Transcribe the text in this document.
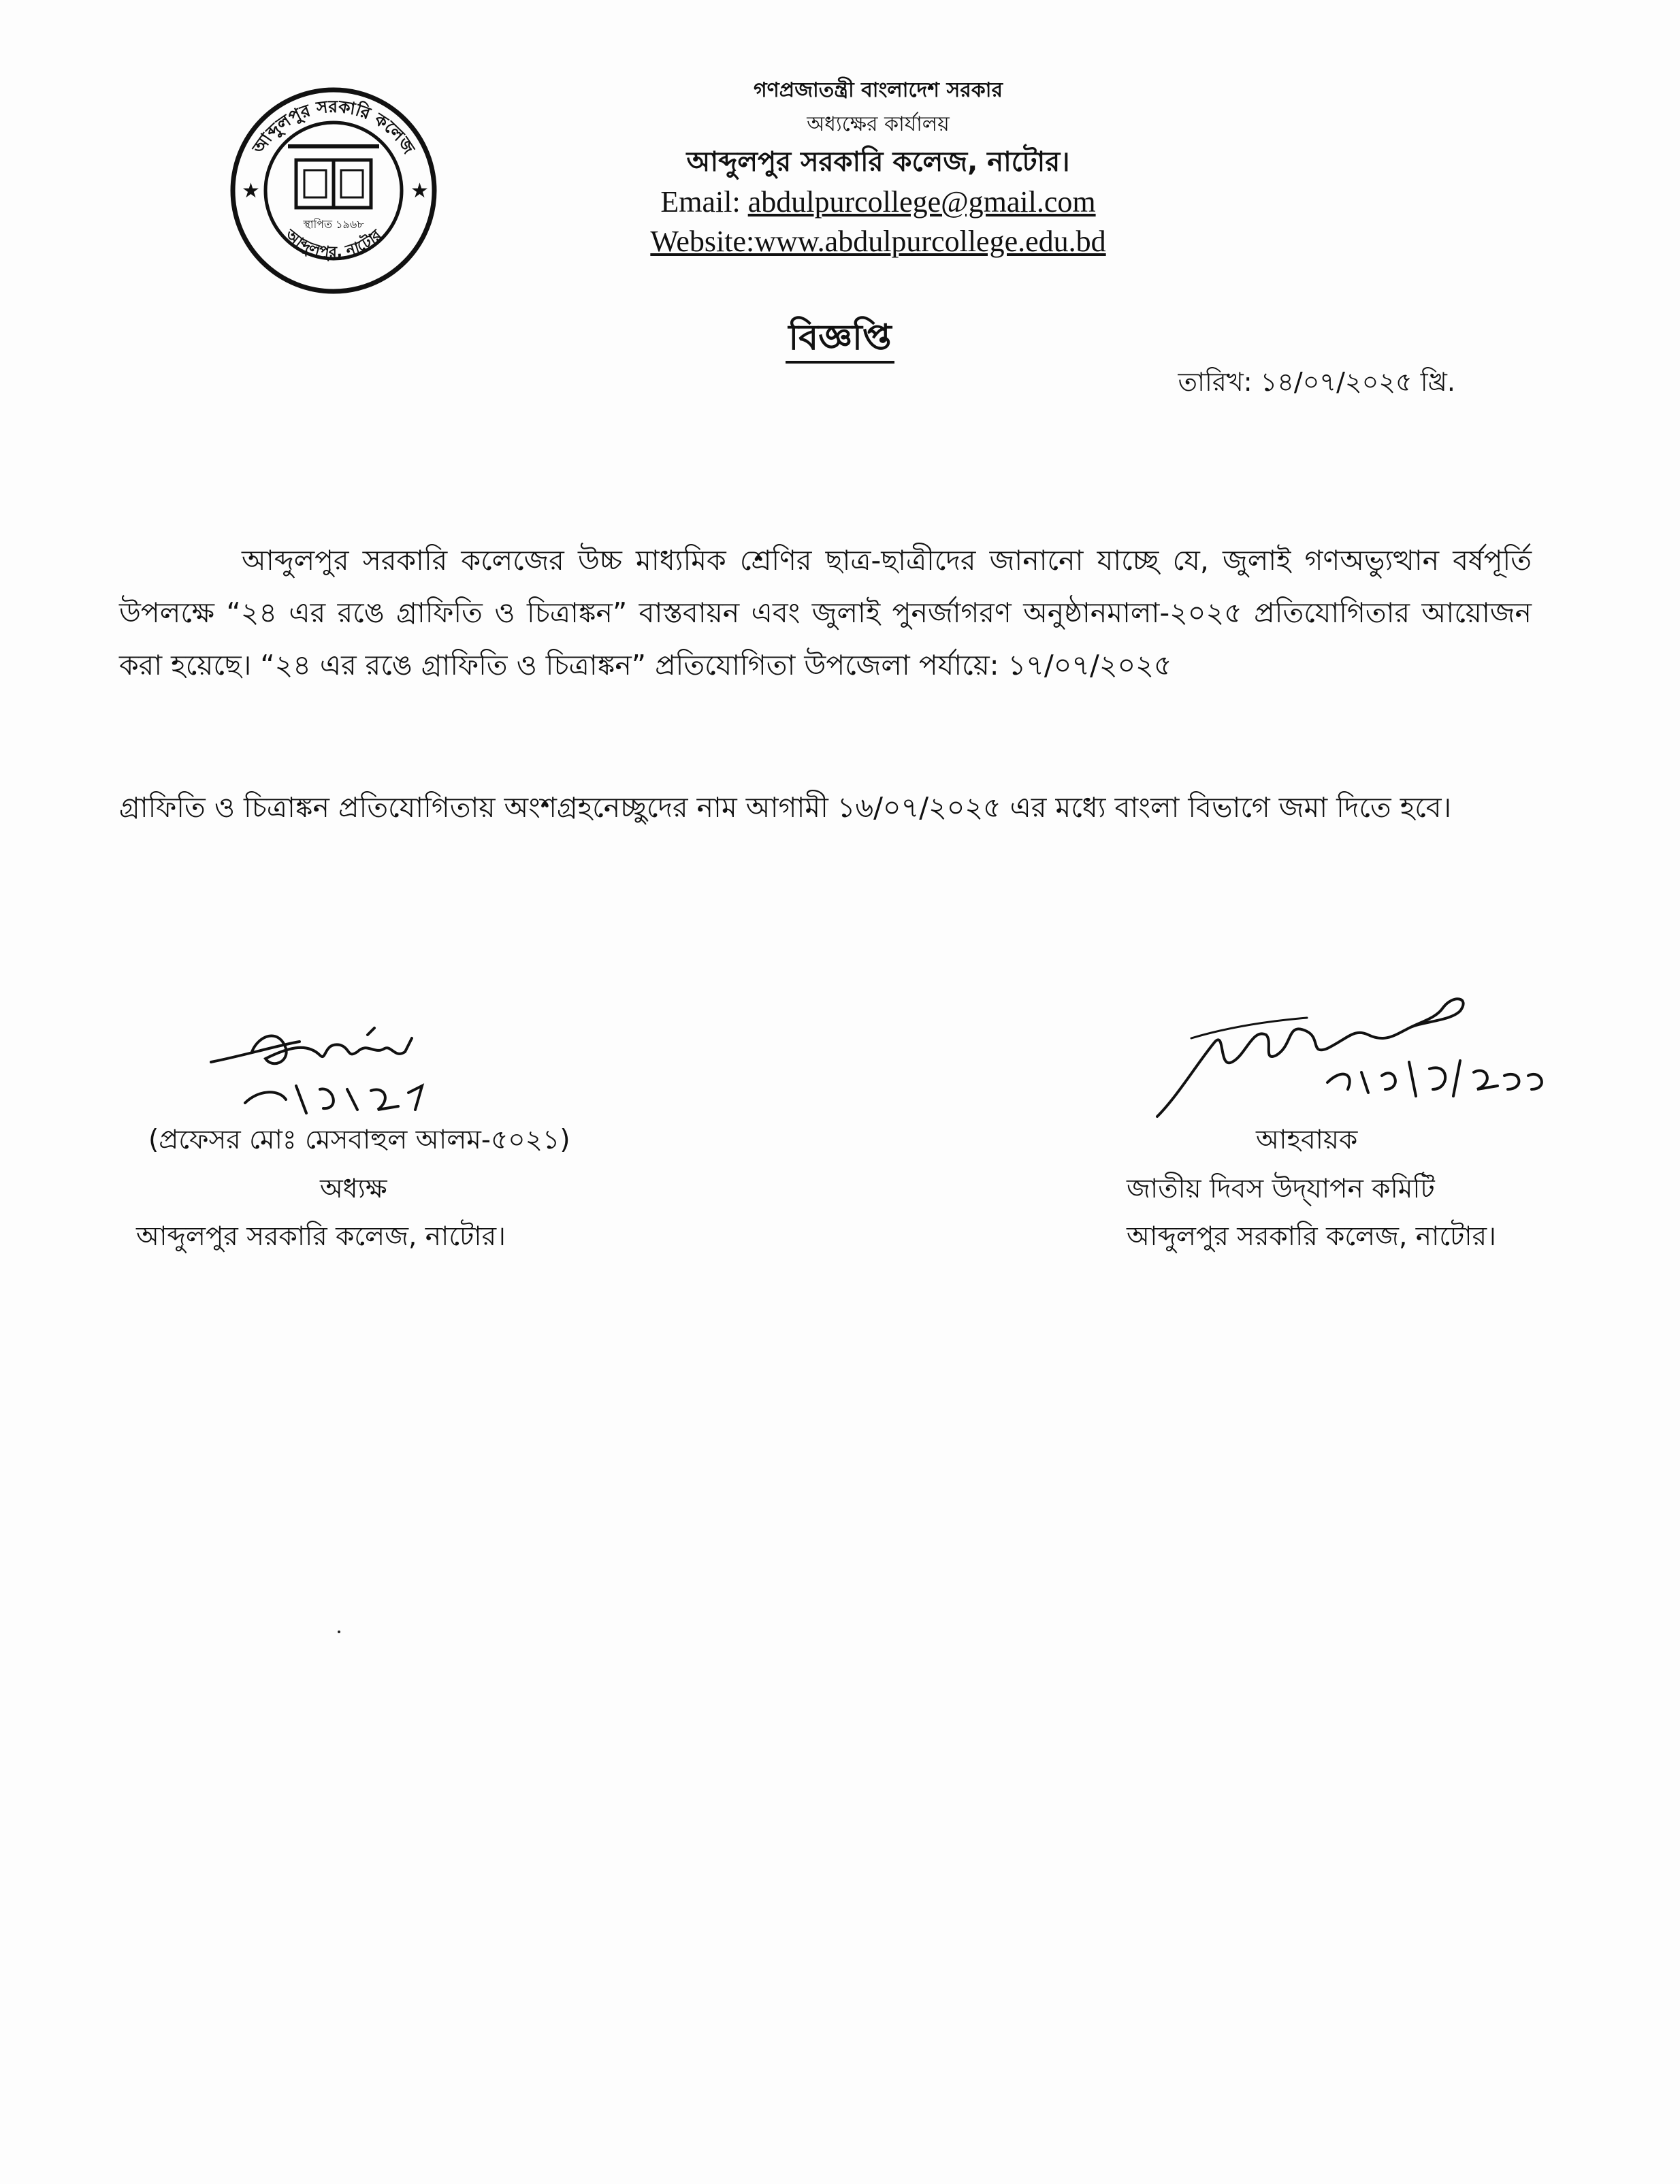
আব্দুলপুর সরকারি কলেজ
আব্দুলপুর, নাটোর
★	★
স্থাপিত ১৯৬৮
গণপ্রজাতন্ত্রী বাংলাদেশ সরকার
অধ্যক্ষের কার্যালয়
আব্দুলপুর সরকারি কলেজ, নাটোর।
Email: abdulpurcollege@gmail.com
Website:www.abdulpurcollege.edu.bd
বিজ্ঞপ্তি
তারিখ: ১৪/০৭/২০২৫ খ্রি.
আব্দুলপুর সরকারি কলেজের উচ্চ মাধ্যমিক শ্রেণির ছাত্র-ছাত্রীদের জানানো যাচ্ছে যে, জুলাই গণঅভ্যুত্থান বর্ষপূর্তি উপলক্ষে “২৪ এর রঙে গ্রাফিতি ও চিত্রাঙ্কন” বাস্তবায়ন এবং জুলাই পুনর্জাগরণ অনুষ্ঠানমালা-২০২৫ প্রতিযোগিতার আয়োজন করা হয়েছে। “২৪ এর রঙে গ্রাফিতি ও চিত্রাঙ্কন” প্রতিযোগিতা উপজেলা পর্যায়ে: ১৭/০৭/২০২৫
গ্রাফিতি ও চিত্রাঙ্কন প্রতিযোগিতায় অংশগ্রহনেচ্ছুদের নাম আগামী ১৬/০৭/২০২৫ এর মধ্যে বাংলা বিভাগে জমা দিতে হবে।
(প্রফেসর মোঃ মেসবাহুল আলম-৫০২১)
অধ্যক্ষ
আব্দুলপুর সরকারি কলেজ, নাটোর।
আহবায়ক
জাতীয় দিবস উদ্‌যাপন কমিটি
আব্দুলপুর সরকারি কলেজ, নাটোর।
